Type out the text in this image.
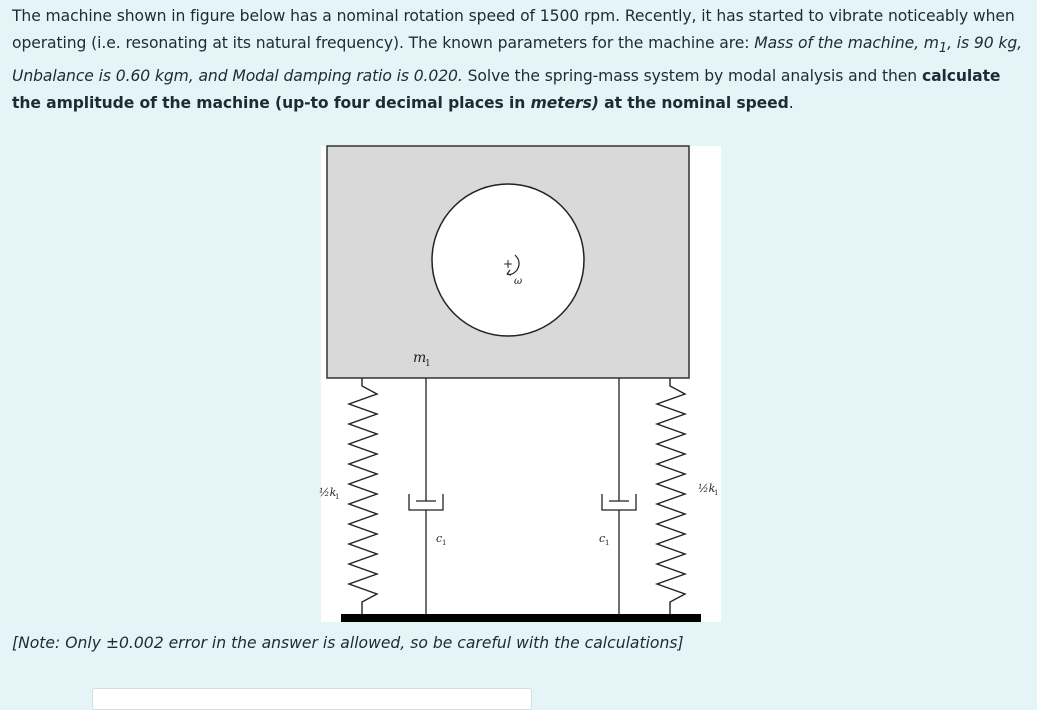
The machine shown in figure below has a nominal rotation speed of 1500 rpm. Recently, it has started to vibrate noticeably when operating (i.e. resonating at its natural frequency). The known parameters for the machine are: Mass of the machine, $m_1$, is 90 kg, Unbalance is 0.60 kgm, and Modal damping ratio is 0.020. Solve the spring-mass system by modal analysis and then calculate the amplitude of the machine (up-to four decimal places in meters) at the nominal speed.
+
ω
m
1
½k
1
½k
1
c 1	c 1
[Note: Only ±0.002 error in the answer is allowed, so be careful with the calculations]
